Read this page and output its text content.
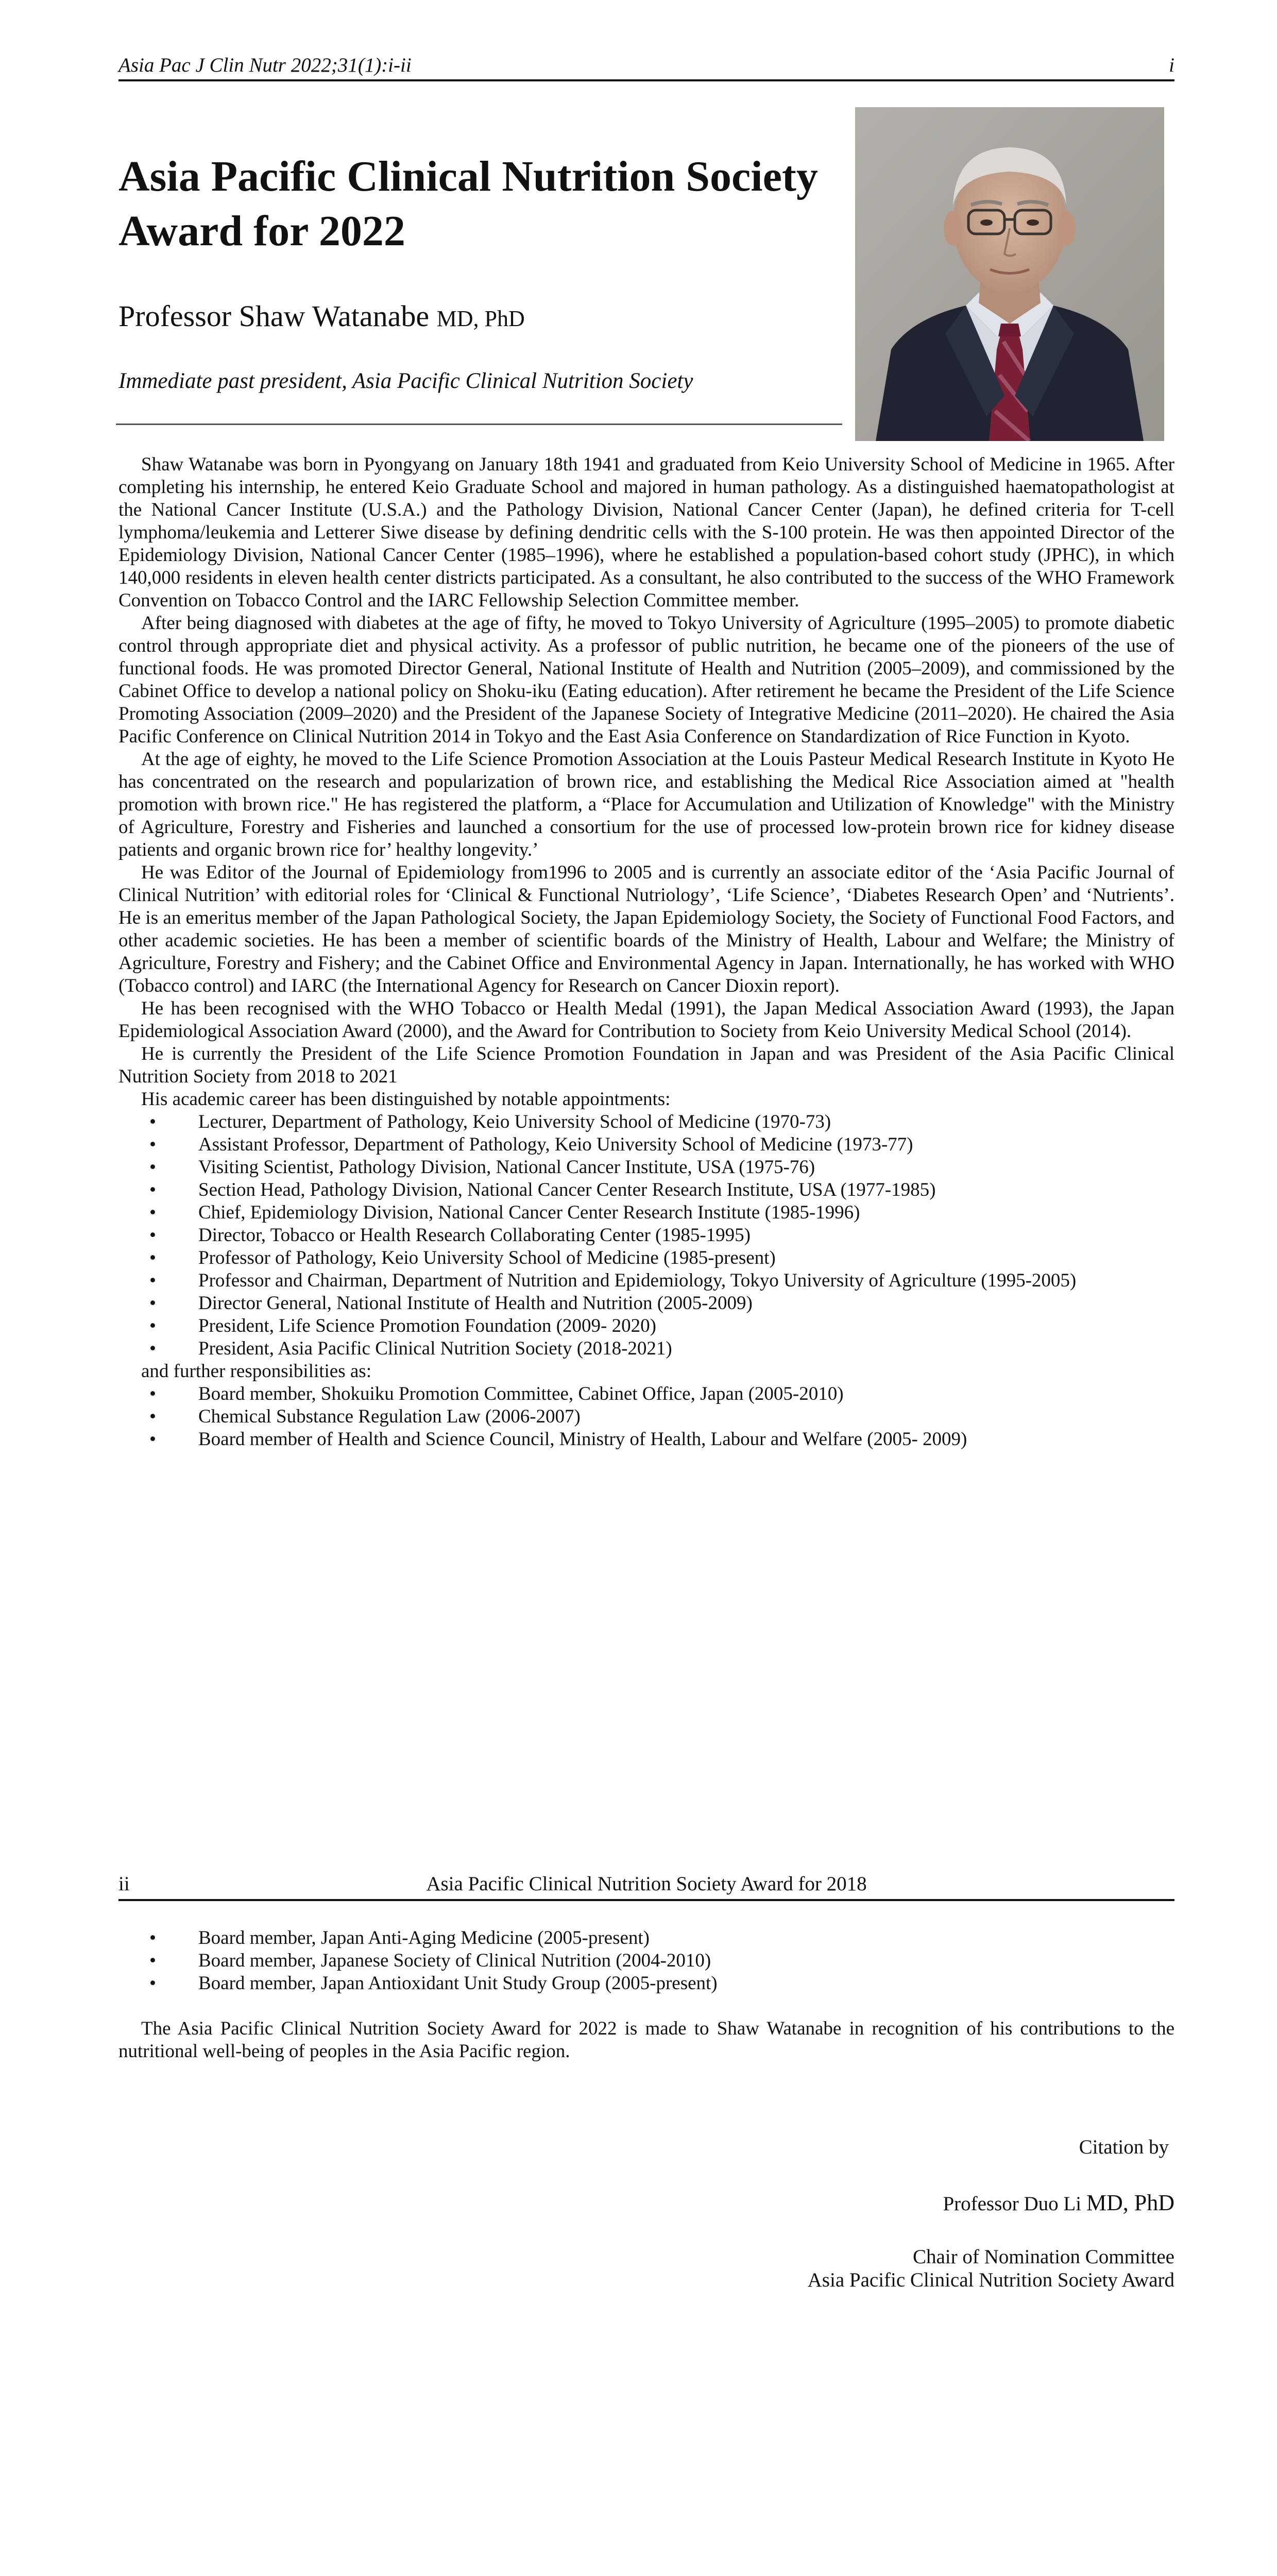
Asia Pac J Clin Nutr 2022;31(1):i-ii	i
Asia Pacific Clinical Nutrition Society Award for 2022
Professor Shaw Watanabe MD, PhD
Immediate past president, Asia Pacific Clinical Nutrition Society

Shaw Watanabe was born in Pyongyang on January 18th 1941 and graduated from Keio University School of Medicine in 1965. After completing his internship, he entered Keio Graduate School and majored in human pathology. As a distinguished haematopathologist at the National Cancer Institute (U.S.A.) and the Pathology Division, National Cancer Center (Japan), he defined criteria for T-cell lymphoma/leukemia and Letterer Siwe disease by defining dendritic cells with the S-100 protein. He was then appointed Director of the Epidemiology Division, National Cancer Center (1985–1996), where he established a population-based cohort study (JPHC), in which 140,000 residents in eleven health center districts participated. As a consultant, he also contributed to the success of the WHO Framework Convention on Tobacco Control and the IARC Fellowship Selection Committee member.

After being diagnosed with diabetes at the age of fifty, he moved to Tokyo University of Agriculture (1995–2005) to promote diabetic control through appropriate diet and physical activity. As a professor of public nutrition, he became one of the pioneers of the use of functional foods. He was promoted Director General, National Institute of Health and Nutrition (2005–2009), and commissioned by the Cabinet Office to develop a national policy on Shoku-iku (Eating education). After retirement he became the President of the Life Science Promoting Association (2009–2020) and the President of the Japanese Society of Integrative Medicine (2011–2020). He chaired the Asia Pacific Conference on Clinical Nutrition 2014 in Tokyo and the East Asia Conference on Standardization of Rice Function in Kyoto.

At the age of eighty, he moved to the Life Science Promotion Association at the Louis Pasteur Medical Research Institute in Kyoto He has concentrated on the research and popularization of brown rice, and establishing the Medical Rice Association aimed at "health promotion with brown rice." He has registered the platform, a “Place for Accumulation and Utilization of Knowledge" with the Ministry of Agriculture, Forestry and Fisheries and launched a consortium for the use of processed low-protein brown rice for kidney disease patients and organic brown rice for’ healthy longevity.’

He was Editor of the Journal of Epidemiology from1996 to 2005 and is currently an associate editor of the ‘Asia Pacific Journal of Clinical Nutrition’ with editorial roles for ‘Clinical & Functional Nutriology’, ‘Life Science’, ‘Diabetes Research Open’ and ‘Nutrients’. He is an emeritus member of the Japan Pathological Society, the Japan Epidemiology Society, the Society of Functional Food Factors, and other academic societies. He has been a member of scientific boards of the Ministry of Health, Labour and Welfare; the Ministry of Agriculture, Forestry and Fishery; and the Cabinet Office and Environmental Agency in Japan. Internationally, he has worked with WHO (Tobacco control) and IARC (the International Agency for Research on Cancer Dioxin report).

He has been recognised with the WHO Tobacco or Health Medal (1991), the Japan Medical Association Award (1993), the Japan Epidemiological Association Award (2000), and the Award for Contribution to Society from Keio University Medical School (2014).

He is currently the President of the Life Science Promotion Foundation in Japan and was President of the Asia Pacific Clinical Nutrition Society from 2018 to 2021

His academic career has been distinguished by notable appointments:
• Lecturer, Department of Pathology, Keio University School of Medicine (1970-73)
• Assistant Professor, Department of Pathology, Keio University School of Medicine (1973-77)
• Visiting Scientist, Pathology Division, National Cancer Institute, USA (1975-76)
• Section Head, Pathology Division, National Cancer Center Research Institute, USA (1977-1985)
• Chief, Epidemiology Division, National Cancer Center Research Institute (1985-1996)
• Director, Tobacco or Health Research Collaborating Center (1985-1995)
• Professor of Pathology, Keio University School of Medicine (1985-present)
• Professor and Chairman, Department of Nutrition and Epidemiology, Tokyo University of Agriculture (1995-2005)
• Director General, National Institute of Health and Nutrition (2005-2009)
• President, Life Science Promotion Foundation (2009- 2020)
• President, Asia Pacific Clinical Nutrition Society (2018-2021)
and further responsibilities as:
• Board member, Shokuiku Promotion Committee, Cabinet Office, Japan (2005-2010)
• Chemical Substance Regulation Law (2006-2007)
• Board member of Health and Science Council, Ministry of Health, Labour and Welfare (2005- 2009)
Asia Pacific Clinical Nutrition Society Award for 2018
ii
• Board member, Japan Anti-Aging Medicine (2005-present)
• Board member, Japanese Society of Clinical Nutrition (2004-2010)
• Board member, Japan Antioxidant Unit Study Group (2005-present)

The Asia Pacific Clinical Nutrition Society Award for 2022 is made to Shaw Watanabe in recognition of his contributions to the nutritional well-being of peoples in the Asia Pacific region.

Citation by
Professor Duo Li MD, PhD
Chair of Nomination Committee
Asia Pacific Clinical Nutrition Society Award
